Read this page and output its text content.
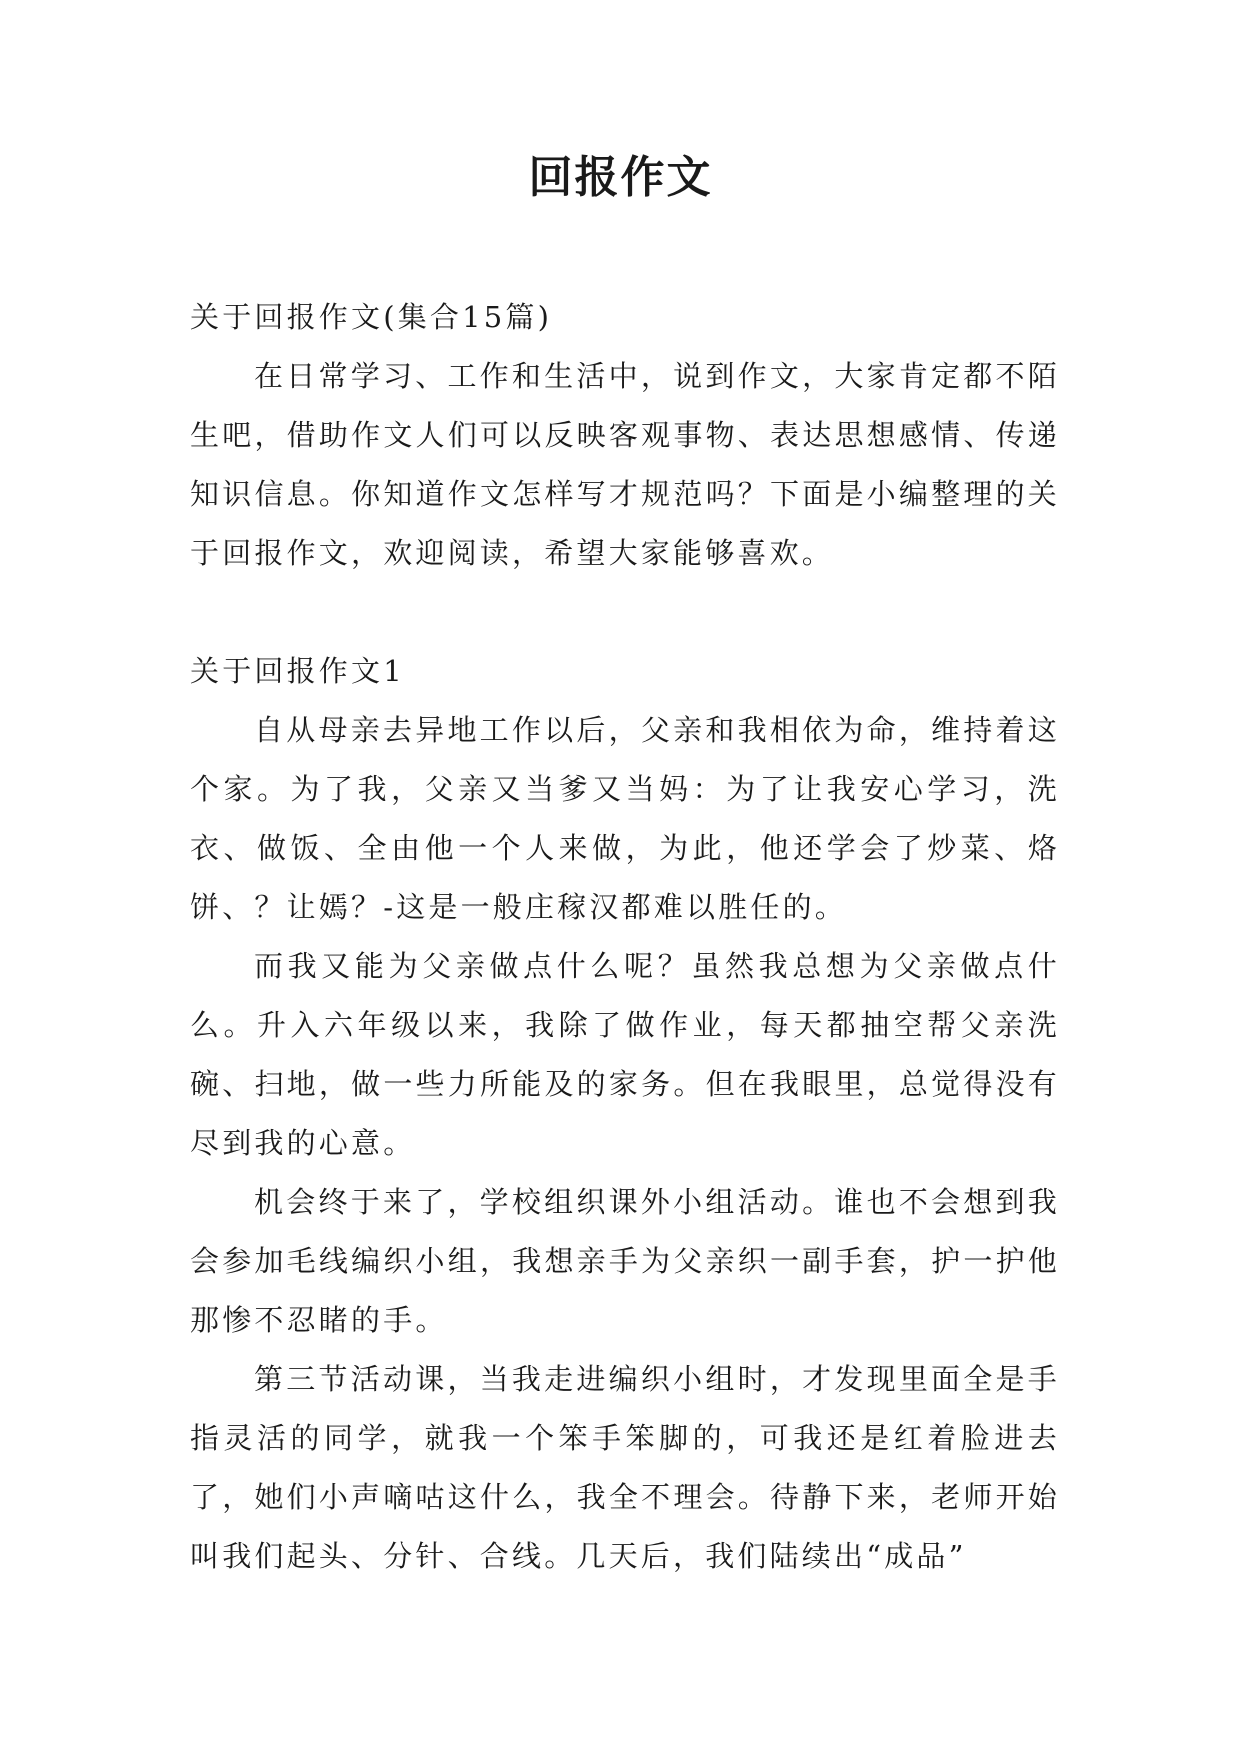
回报作文

关于回报作文(集合15篇)

在日常学习、工作和生活中，说到作文，大家肯定都不陌生吧，借助作文人们可以反映客观事物、表达思想感情、传递知识信息。你知道作文怎样写才规范吗？下面是小编整理的关于回报作文，欢迎阅读，希望大家能够喜欢。

关于回报作文1

自从母亲去异地工作以后，父亲和我相依为命，维持着这个家。为了我，父亲又当爹又当妈：为了让我安心学习，洗衣、做饭、全由他一个人来做，为此，他还学会了炒菜、烙饼、？让嫣？-这是一般庄稼汉都难以胜任的。

而我又能为父亲做点什么呢？虽然我总想为父亲做点什么。升入六年级以来，我除了做作业，每天都抽空帮父亲洗碗、扫地，做一些力所能及的家务。但在我眼里，总觉得没有尽到我的心意。

机会终于来了，学校组织课外小组活动。谁也不会想到我会参加毛线编织小组，我想亲手为父亲织一副手套，护一护他那惨不忍睹的手。

第三节活动课，当我走进编织小组时，才发现里面全是手指灵活的同学，就我一个笨手笨脚的，可我还是红着脸进去了，她们小声嘀咕这什么，我全不理会。待静下来，老师开始叫我们起头、分针、合线。几天后，我们陆续出“成品”
